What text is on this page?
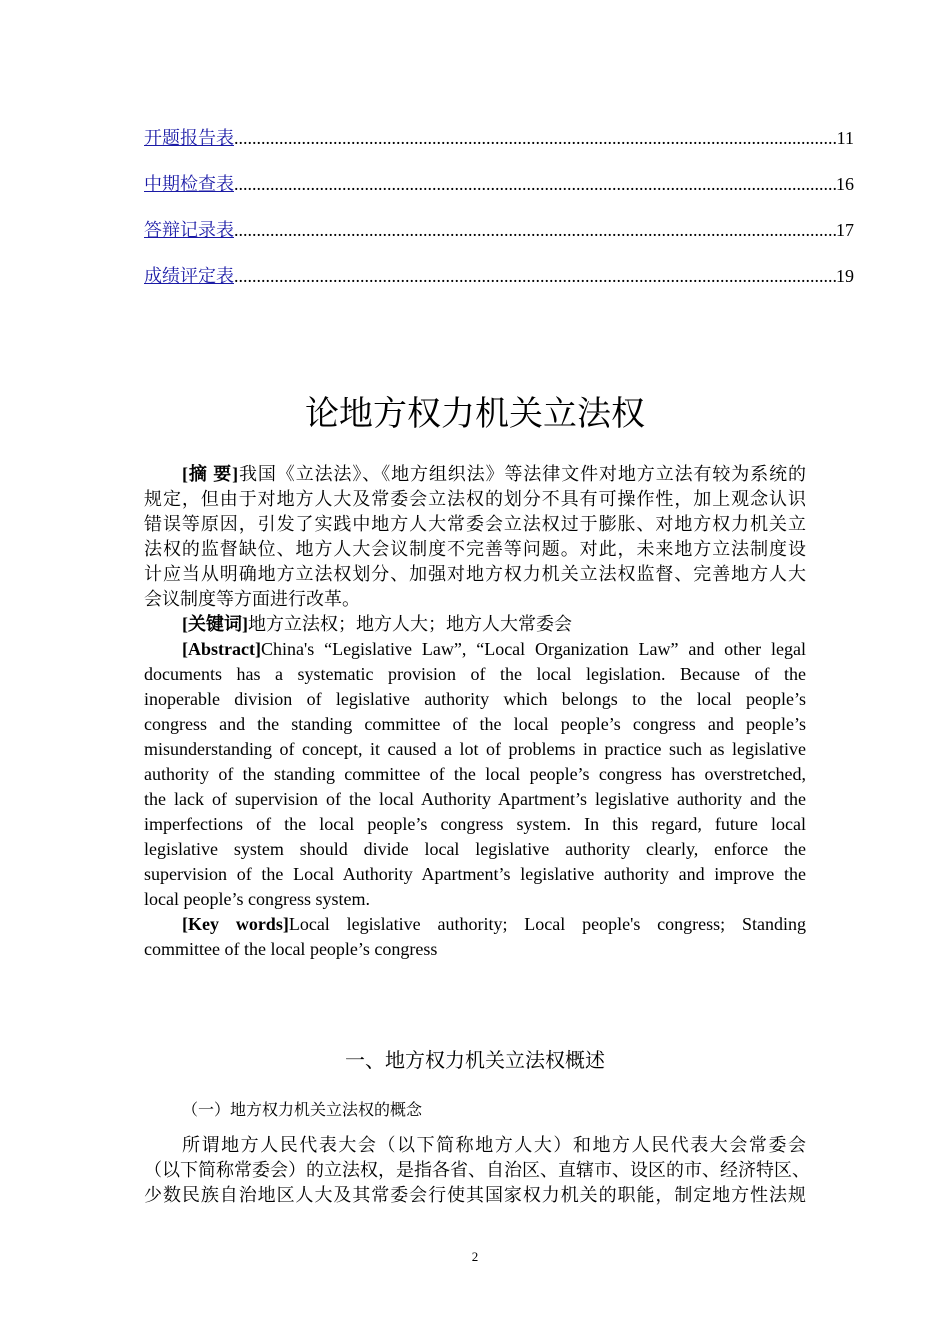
开题报告表 .....	11
中期检查表 .....	16
答辩记录表 .....	17
成绩评定表 .....	19
论地方权力机关立法权
[摘 要]我国《立法法》、《地方组织法》等法律文件对地方立法有较为系统的
规定，但由于对地方人大及常委会立法权的划分不具有可操作性，加上观念认识
错误等原因，引发了实践中地方人大常委会立法权过于膨胀、对地方权力机关立
法权的监督缺位、地方人大会议制度不完善等问题。对此，未来地方立法制度设
计应当从明确地方立法权划分、加强对地方权力机关立法权监督、完善地方人大
会议制度等方面进行改革。
[关键词]地方立法权；地方人大；地方人大常委会
[Abstract]China's “Legislative Law”, “Local Organization Law” and other legal
documents has a systematic provision of the local legislation. Because of the
inoperable division of legislative authority which belongs to the local people’s
congress and the standing committee of the local people’s congress and people’s
misunderstanding of concept, it caused a lot of problems in practice such as legislative
authority of the standing committee of the local people’s congress has overstretched,
the lack of supervision of the local Authority Apartment’s legislative authority and the
imperfections of the local people’s congress system. In this regard, future local
legislative system should divide local legislative authority clearly, enforce the
supervision of the Local Authority Apartment’s legislative authority and improve the
local people’s congress system.
[Key words]Local legislative authority; Local people's congress; Standing
committee of the local people’s congress
一、地方权力机关立法权概述
（一）地方权力机关立法权的概念
所谓地方人民代表大会（以下简称地方人大）和地方人民代表大会常委会
（以下简称常委会）的立法权，是指各省、自治区、直辖市、设区的市、经济特区、
少数民族自治地区人大及其常委会行使其国家权力机关的职能，制定地方性法规
2
